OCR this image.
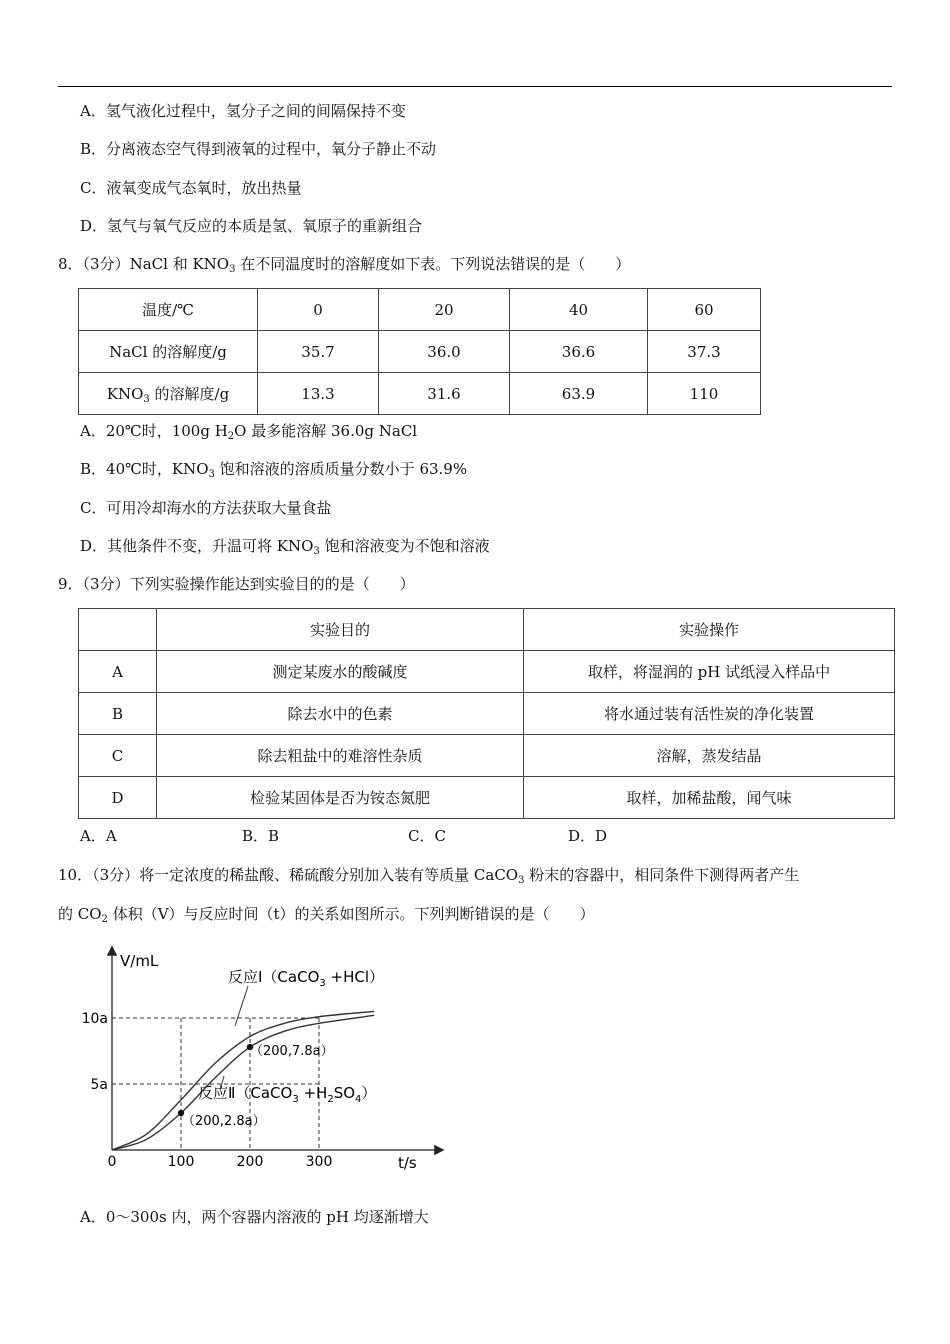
A．氢气液化过程中，氢分子之间的间隔保持不变
B．分离液态空气得到液氧的过程中，氧分子静止不动
C．液氧变成气态氧时，放出热量
D．氢气与氧气反应的本质是氢、氧原子的重新组合
8．（3分）NaCl 和 $KNO_3$ 在不同温度时的溶解度如下表。下列说法错误的是（　　）
温度/℃	0	20	40	60
NaCl 的溶解度/g	35.7	36.0	36.6	37.3
$KNO_3$ 的溶解度/g	13.3	31.6	63.9	110
A．20℃时，100g $H_2O$ 最多能溶解 36.0g NaCl
B．40℃时，$KNO_3$ 饱和溶液的溶质质量分数小于 63.9%
C．可用冷却海水的方法获取大量食盐
D．其他条件不变，升温可将 $KNO_3$ 饱和溶液变为不饱和溶液
9．（3分）下列实验操作能达到实验目的的是（　　）
	实验目的	实验操作
A	测定某废水的酸碱度	取样，将湿润的 pH 试纸浸入样品中
B	除去水中的色素	将水通过装有活性炭的净化装置
C	除去粗盐中的难溶性杂质	溶解，蒸发结晶
D	检验某固体是否为铵态氮肥	取样，加稀盐酸，闻气味
A．A	B．B	C．C	D．D
10．（3分）将一定浓度的稀盐酸、稀硫酸分别加入装有等质量 CaCO$_3$ 粉末的容器中，相同条件下测得两者产生
的 $CO_2$ 体积（V）与反应时间（t）的关系如图所示。下列判断错误的是（　　）
V/mL
t/s
0	100	200	300
5a
10a
反应Ⅰ（CaCO$_3$ +HCl）
反应Ⅱ（CaCO$_3$ $+H_2SO_4$）
（200,7.8a）
（200,2.8a）
A．0～300s 内，两个容器内溶液的 pH 均逐渐增大
